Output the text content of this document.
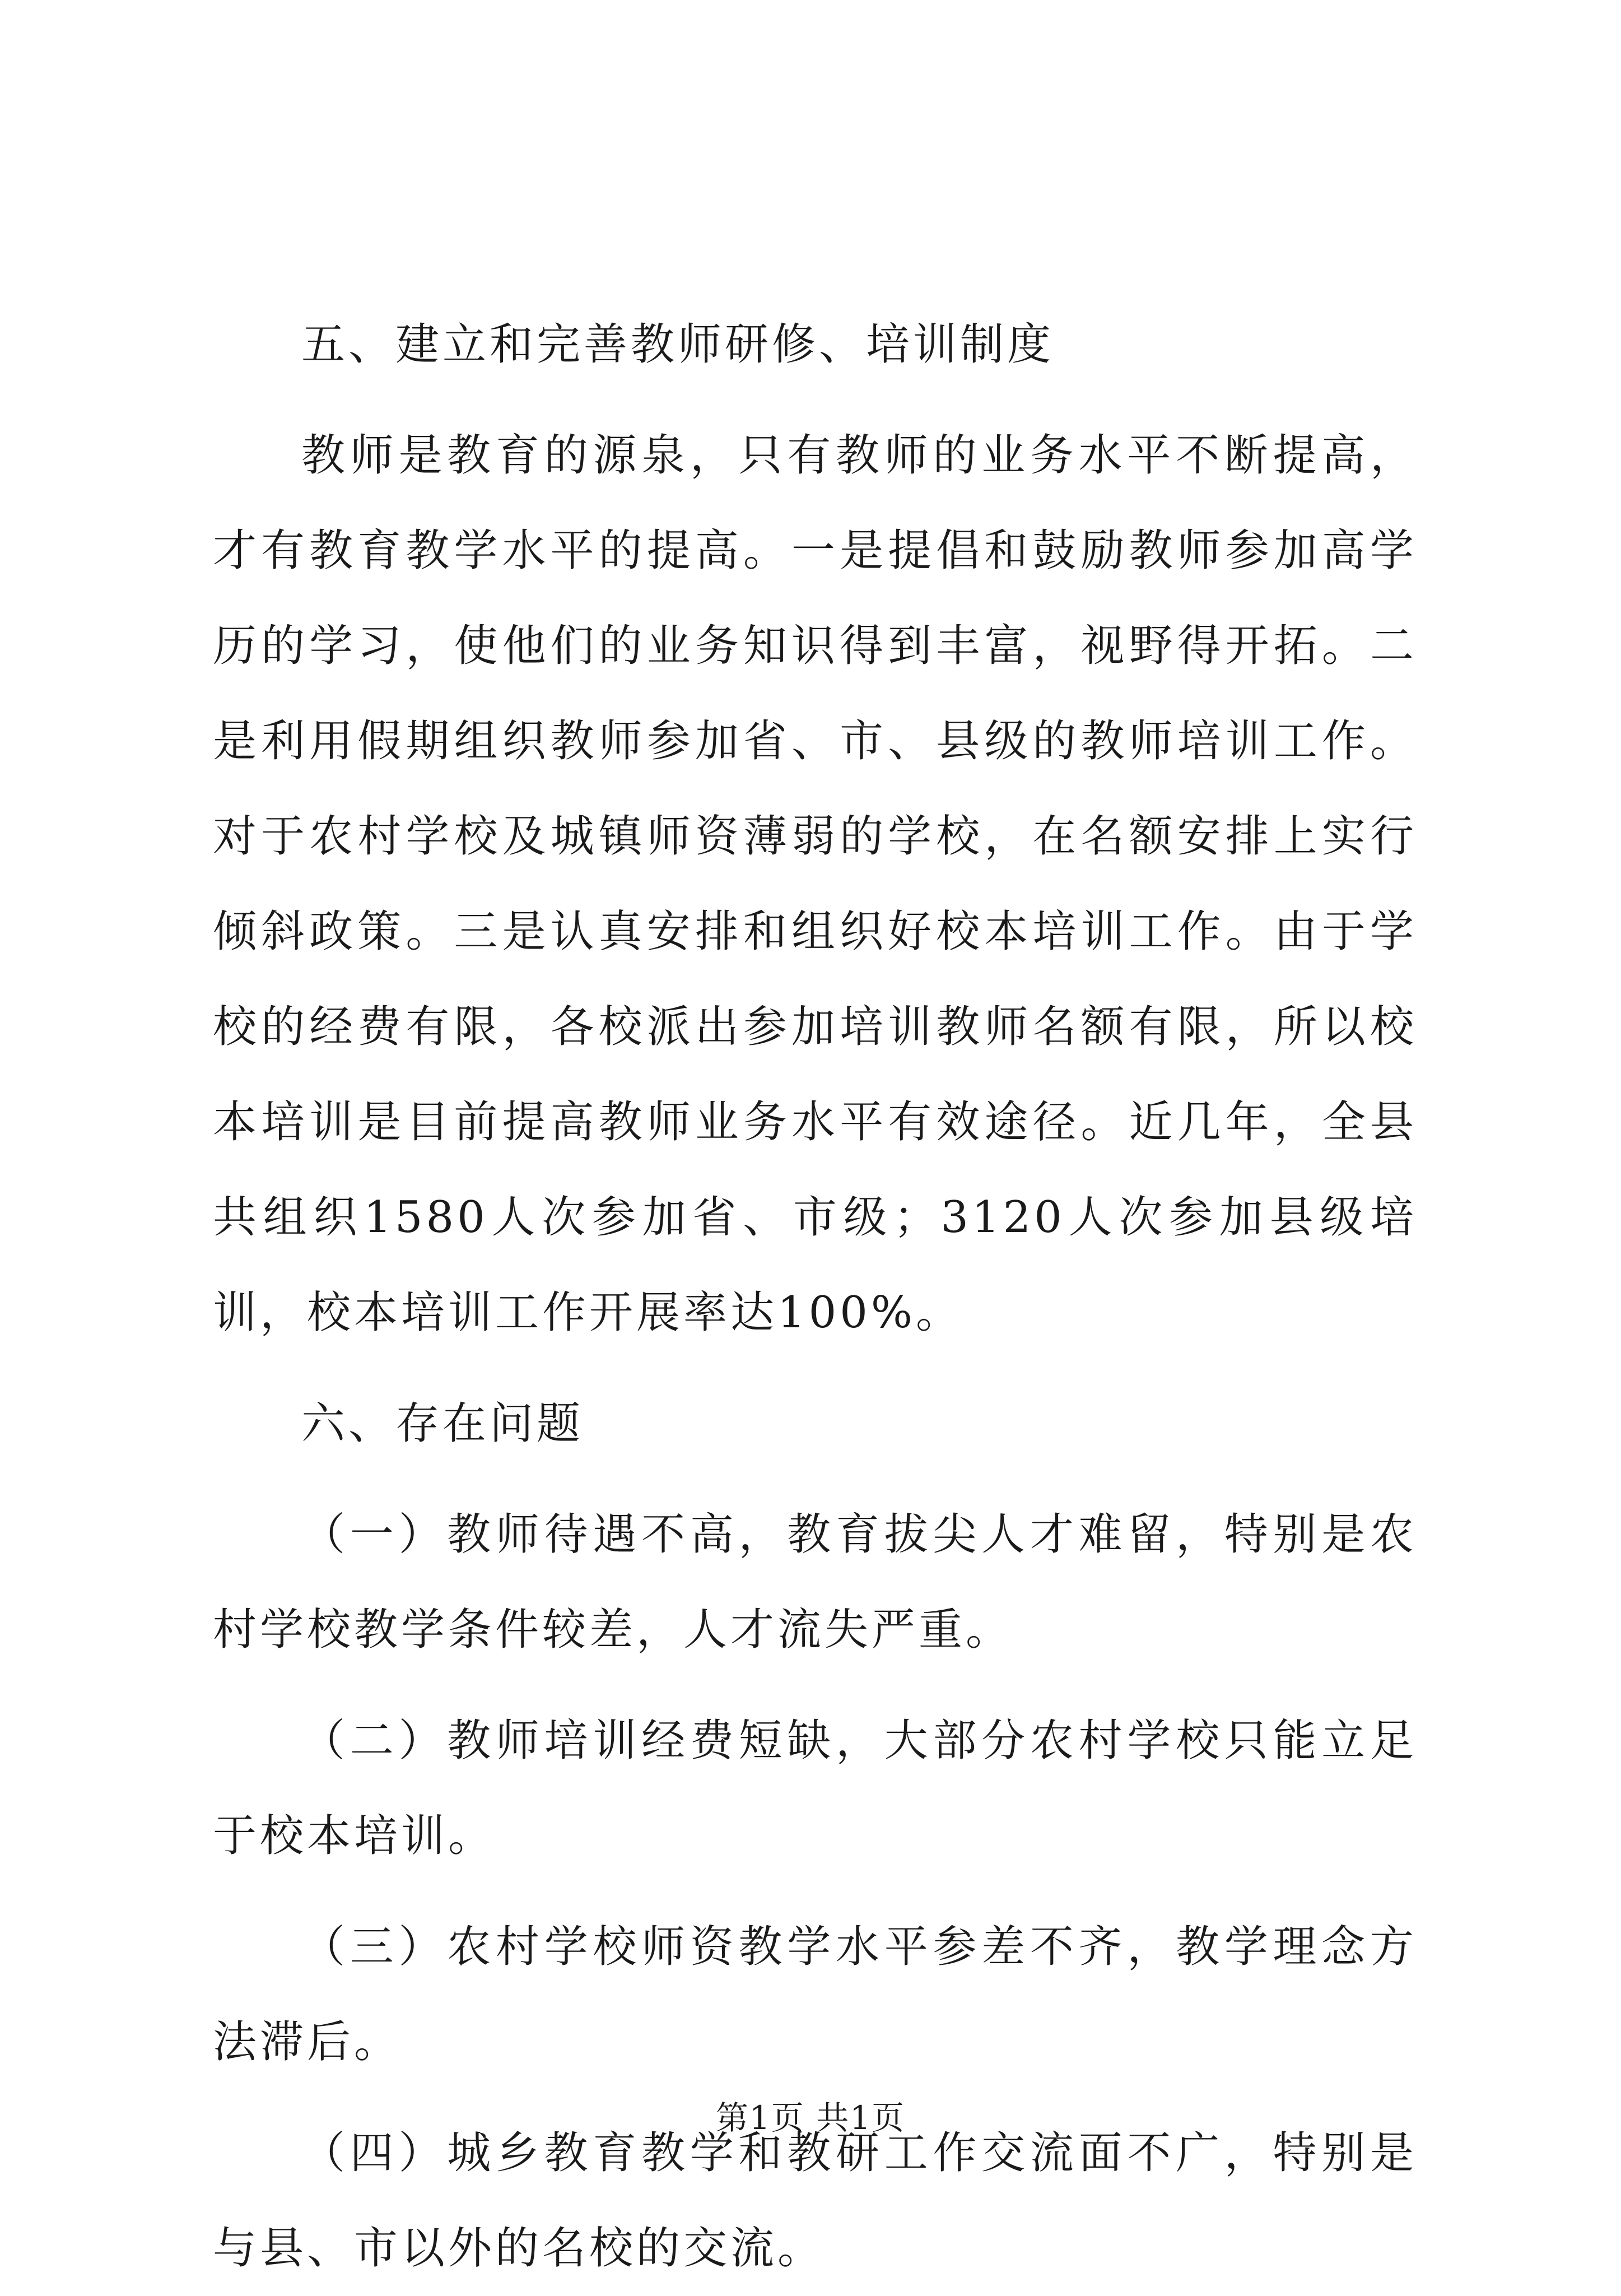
五、建立和完善教师研修、培训制度

教师是教育的源泉，只有教师的业务水平不断提高，才有教育教学水平的提高。一是提倡和鼓励教师参加高学历的学习，使他们的业务知识得到丰富，视野得开拓。二是利用假期组织教师参加省、市、县级的教师培训工作。对于农村学校及城镇师资薄弱的学校，在名额安排上实行倾斜政策。三是认真安排和组织好校本培训工作。由于学校的经费有限，各校派出参加培训教师名额有限，所以校本培训是目前提高教师业务水平有效途径。近几年，全县共组织1580人次参加省、市级；3120人次参加县级培训，校本培训工作开展率达100%。

六、存在问题

（一）教师待遇不高，教育拔尖人才难留，特别是农村学校教学条件较差，人才流失严重。

（二）教师培训经费短缺，大部分农村学校只能立足于校本培训。

（三）农村学校师资教学水平参差不齐，教学理念方法滞后。

（四）城乡教育教学和教研工作交流面不广，特别是与县、市以外的名校的交流。

第1页 共1页
